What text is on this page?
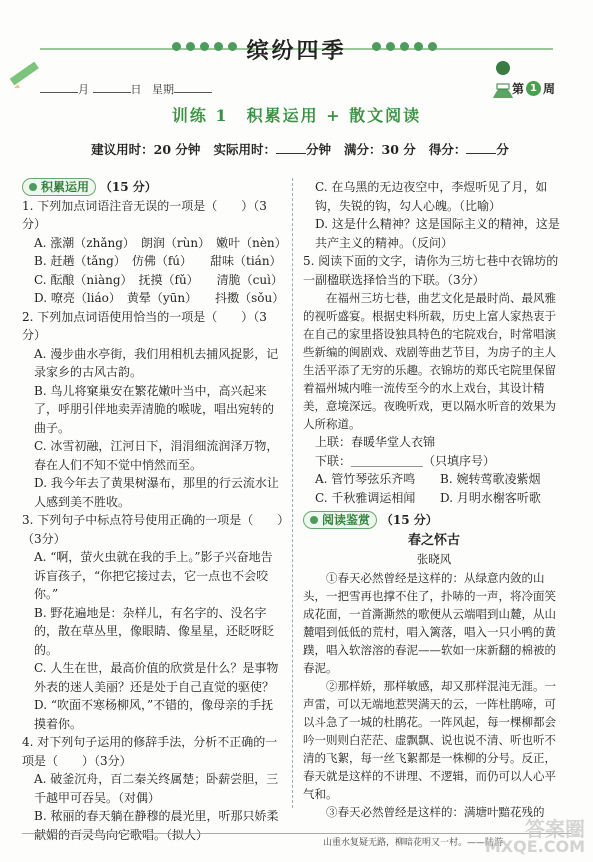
缤纷四季
月	日 星期	第 1 周
训练 1　积累运用 + 散文阅读
建议用时：20 分钟 实际用时： 分钟 满分：30 分 得分： 分
积累运用 （15 分）

1. 下列加点词语注音无误的一项是（　　）（3分）

A. 涨潮（zhǎng）　朗润（rùn）　嫩叶（nèn）

B. 赶趟（tǎng）　仿佛（fú）　　甜味（tián）

C. 酝酿（niàng）　抚摸（fǔ）　　清脆（cuì）

D. 嘹亮（liáo）　黄晕（yūn）　　抖擞（sǒu）

2. 下列加点词语使用恰当的一项是（　　）（3分）

A. 漫步曲水亭街，我们用相机去捕风捉影，记录家乡的古风古韵。

B. 鸟儿将窠巢安在繁花嫩叶当中，高兴起来了，呼朋引伴地卖弄清脆的喉咙，唱出宛转的曲子。

C. 冰雪初融，江河日下，涓涓细流润泽万物，春在人们不知不觉中悄然而至。

D. 我今年去了黄果树瀑布，那里的行云流水让人感到美不胜收。

3. 下列句子中标点符号使用正确的一项是（　　）（3分）

A. “啊，萤火虫就在我的手上。”影子兴奋地告诉盲孩子，“你把它接过去，它一点也不会咬你。”

B. 野花遍地是：杂样儿，有名字的、没名字的，散在草丛里，像眼睛、像星星，还眨呀眨的。

C. 人生在世，最高价值的欣赏是什么？是事物外表的迷人美丽？还是处于自己直觉的驱使？

D. “吹面不寒杨柳风，”不错的，像母亲的手抚摸着你。

4. 对下列句子运用的修辞手法，分析不正确的一项是（　　）（3分）

A. 破釜沉舟，百二秦关终属楚；卧薪尝胆，三千越甲可吞吴。（对偶）

B. 秾丽的春天躺在静穆的晨光里，听那只娇柔献媚的百灵鸟向它歌唱。（拟人）

C. 在乌黑的无边夜空中，李煜听见了月，如钩，失锐的钩，勾人心魄。（比喻）

D. 这是什么精神？这是国际主义的精神，这是共产主义的精神。（反问）

5. 阅读下面的文字，请你为三坊七巷中衣锦坊的一副楹联选择恰当的下联。（3分）

在福州三坊七巷，曲艺文化是最时尚、最风雅的视听盛宴。根据史料所载，历史上富人家热衷于在自己的家里搭设独具特色的宅院戏台，时常唱演些新编的闽剧戏、戏剧等曲艺节目，为房子的主人生活平添了无穷的乐趣。衣锦坊的郑氏宅院里保留着福州城内唯一流传至今的水上戏台，其设计精美，意境深远。夜晚听戏，更以隔水听音的效果为人所称道。

上联：春暖华堂人衣锦

下联：＿＿＿＿＿＿（只填序号）

A. 管竹琴弦乐齐鸣	B. 婉转莺歌凌紫烟
C. 千秋雅调运相闻	D. 月明水榭客听歌
阅读鉴赏 （15 分）

春之怀古

张晓风

①春天必然曾经是这样的：从绿意内敛的山头，一把雪再也撑不住了，扑哧的一声，将冷面笑成花面，一首澌澌然的歌便从云端唱到山麓，从山麓唱到低低的荒村，唱入篱落，唱入一只小鸭的黄蹼，唱入软溶溶的春泥——软如一床新翻的棉被的春泥。

②那样娇，那样敏感，却又那样混沌无涯。一声雷，可以无端地惹哭满天的云，一阵杜鹃啼，可以斗急了一城的杜鹃花。一阵风起，每一棵柳都会吟一则则白茫茫、虚飘飘、说也说不清、听也听不清的飞絮，每一丝飞絮都是一株柳的分号。反正，春天就是这样的不讲理、不逻辑，而仍可以人心平气和。

③春天必然曾经是这样的：满塘叶黯花残的

山重水复疑无路，柳暗花明又一村。——陆游
答案圈
MXQE.COM
